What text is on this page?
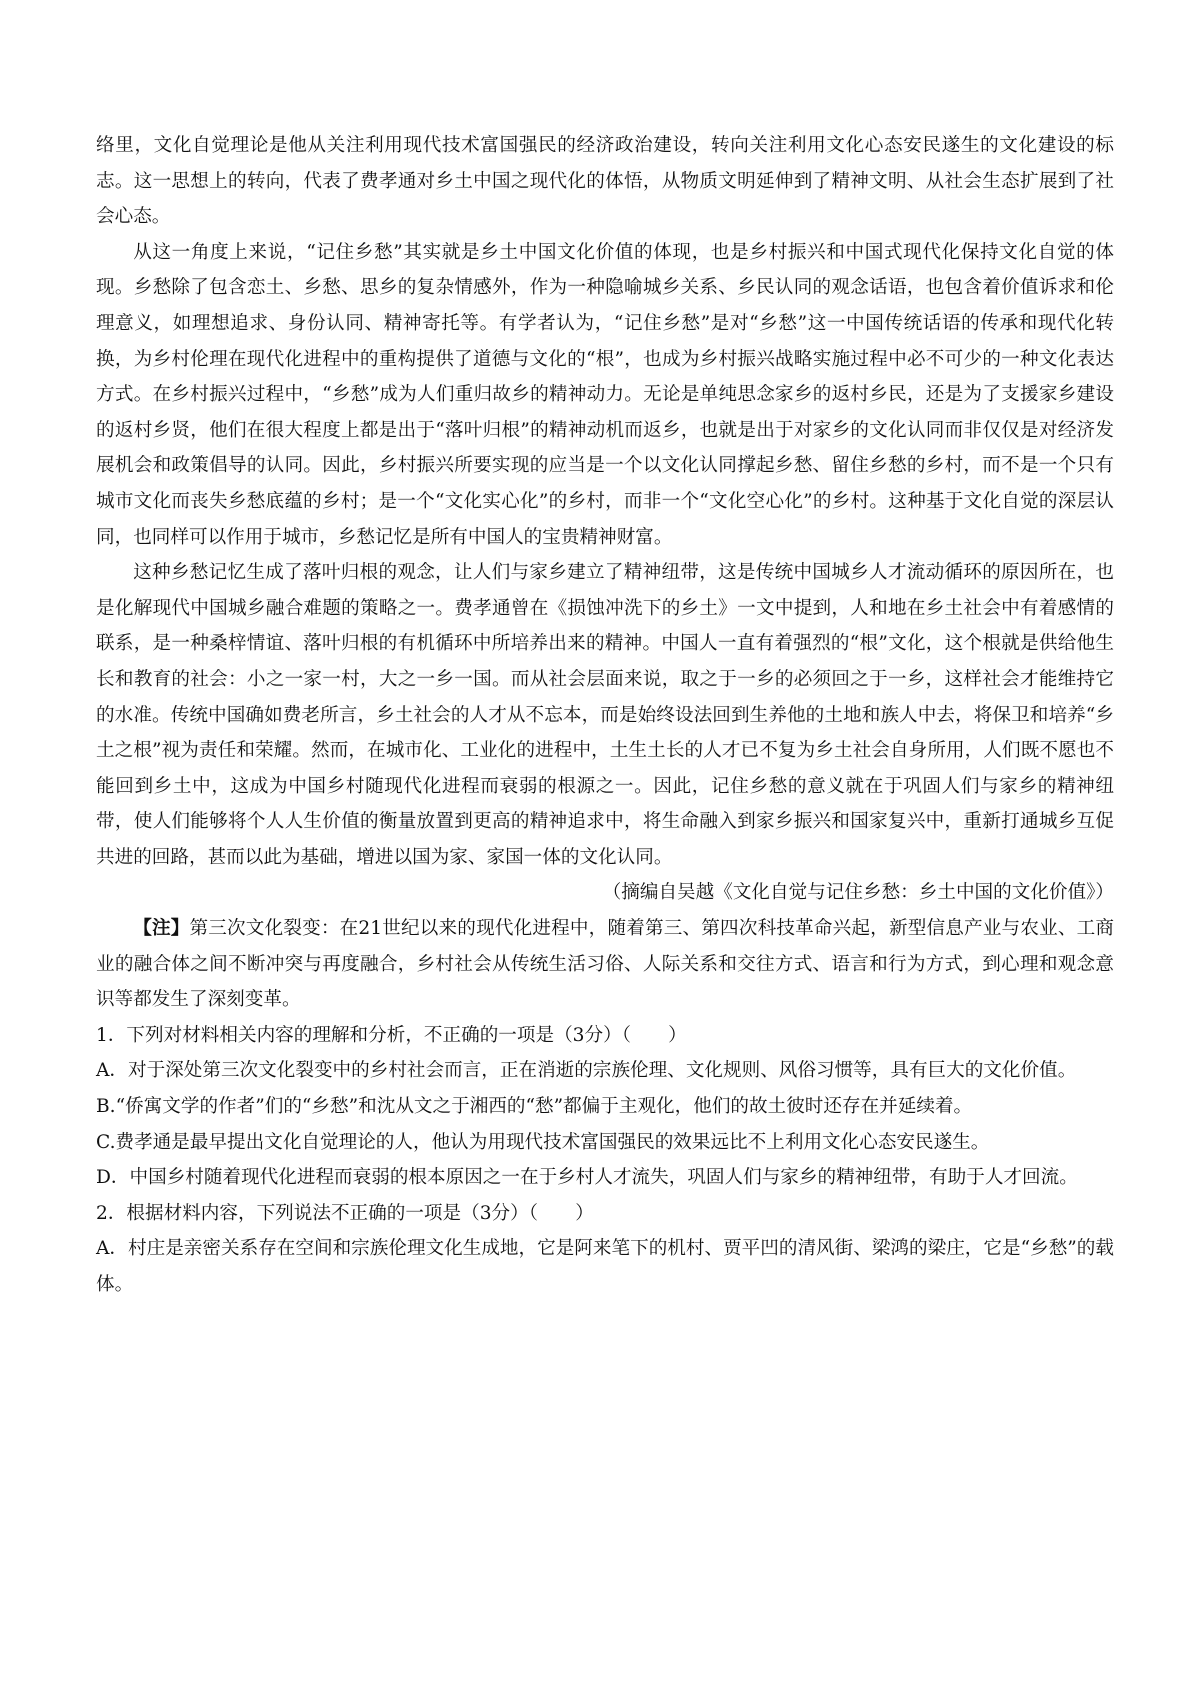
络里，文化自觉理论是他从关注利用现代技术富国强民的经济政治建设，转向关注利用文化心态安民遂生的文化建设的标志。这一思想上的转向，代表了费孝通对乡土中国之现代化的体悟，从物质文明延伸到了精神文明、从社会生态扩展到了社会心态。

从这一角度上来说，“记住乡愁”其实就是乡土中国文化价值的体现，也是乡村振兴和中国式现代化保持文化自觉的体现。乡愁除了包含恋土、乡愁、思乡的复杂情感外，作为一种隐喻城乡关系、乡民认同的观念话语，也包含着价值诉求和伦理意义，如理想追求、身份认同、精神寄托等。有学者认为，“记住乡愁”是对“乡愁”这一中国传统话语的传承和现代化转换，为乡村伦理在现代化进程中的重构提供了道德与文化的“根”，也成为乡村振兴战略实施过程中必不可少的一种文化表达方式。在乡村振兴过程中，“乡愁”成为人们重归故乡的精神动力。无论是单纯思念家乡的返村乡民，还是为了支援家乡建设的返村乡贤，他们在很大程度上都是出于“落叶归根”的精神动机而返乡，也就是出于对家乡的文化认同而非仅仅是对经济发展机会和政策倡导的认同。因此，乡村振兴所要实现的应当是一个以文化认同撑起乡愁、留住乡愁的乡村，而不是一个只有城市文化而丧失乡愁底蕴的乡村；是一个“文化实心化”的乡村，而非一个“文化空心化”的乡村。这种基于文化自觉的深层认同，也同样可以作用于城市，乡愁记忆是所有中国人的宝贵精神财富。

这种乡愁记忆生成了落叶归根的观念，让人们与家乡建立了精神纽带，这是传统中国城乡人才流动循环的原因所在，也是化解现代中国城乡融合难题的策略之一。费孝通曾在《损蚀冲洗下的乡土》一文中提到，人和地在乡土社会中有着感情的联系，是一种桑梓情谊、落叶归根的有机循环中所培养出来的精神。中国人一直有着强烈的“根”文化，这个根就是供给他生长和教育的社会：小之一家一村，大之一乡一国。而从社会层面来说，取之于一乡的必须回之于一乡，这样社会才能维持它的水准。传统中国确如费老所言，乡土社会的人才从不忘本，而是始终设法回到生养他的土地和族人中去，将保卫和培养“乡土之根”视为责任和荣耀。然而，在城市化、工业化的进程中，土生土长的人才已不复为乡土社会自身所用，人们既不愿也不能回到乡土中，这成为中国乡村随现代化进程而衰弱的根源之一。因此，记住乡愁的意义就在于巩固人们与家乡的精神纽带，使人们能够将个人人生价值的衡量放置到更高的精神追求中，将生命融入到家乡振兴和国家复兴中，重新打通城乡互促共进的回路，甚而以此为基础，增进以国为家、家国一体的文化认同。

（摘编自吴越《文化自觉与记住乡愁：乡土中国的文化价值》）

【注】第三次文化裂变：在21世纪以来的现代化进程中，随着第三、第四次科技革命兴起，新型信息产业与农业、工商业的融合体之间不断冲突与再度融合，乡村社会从传统生活习俗、人际关系和交往方式、语言和行为方式，到心理和观念意识等都发生了深刻变革。

1．下列对材料相关内容的理解和分析，不正确的一项是（3分）（　　）

A．对于深处第三次文化裂变中的乡村社会而言，正在消逝的宗族伦理、文化规则、风俗习惯等，具有巨大的文化价值。

B.“侨寓文学的作者”们的“乡愁”和沈从文之于湘西的“愁”都偏于主观化，他们的故土彼时还存在并延续着。

C.费孝通是最早提出文化自觉理论的人，他认为用现代技术富国强民的效果远比不上利用文化心态安民遂生。

D．中国乡村随着现代化进程而衰弱的根本原因之一在于乡村人才流失，巩固人们与家乡的精神纽带，有助于人才回流。

2．根据材料内容，下列说法不正确的一项是（3分）（　　）

A．村庄是亲密关系存在空间和宗族伦理文化生成地，它是阿来笔下的机村、贾平凹的清风街、梁鸿的梁庄，它是“乡愁”的载体。
